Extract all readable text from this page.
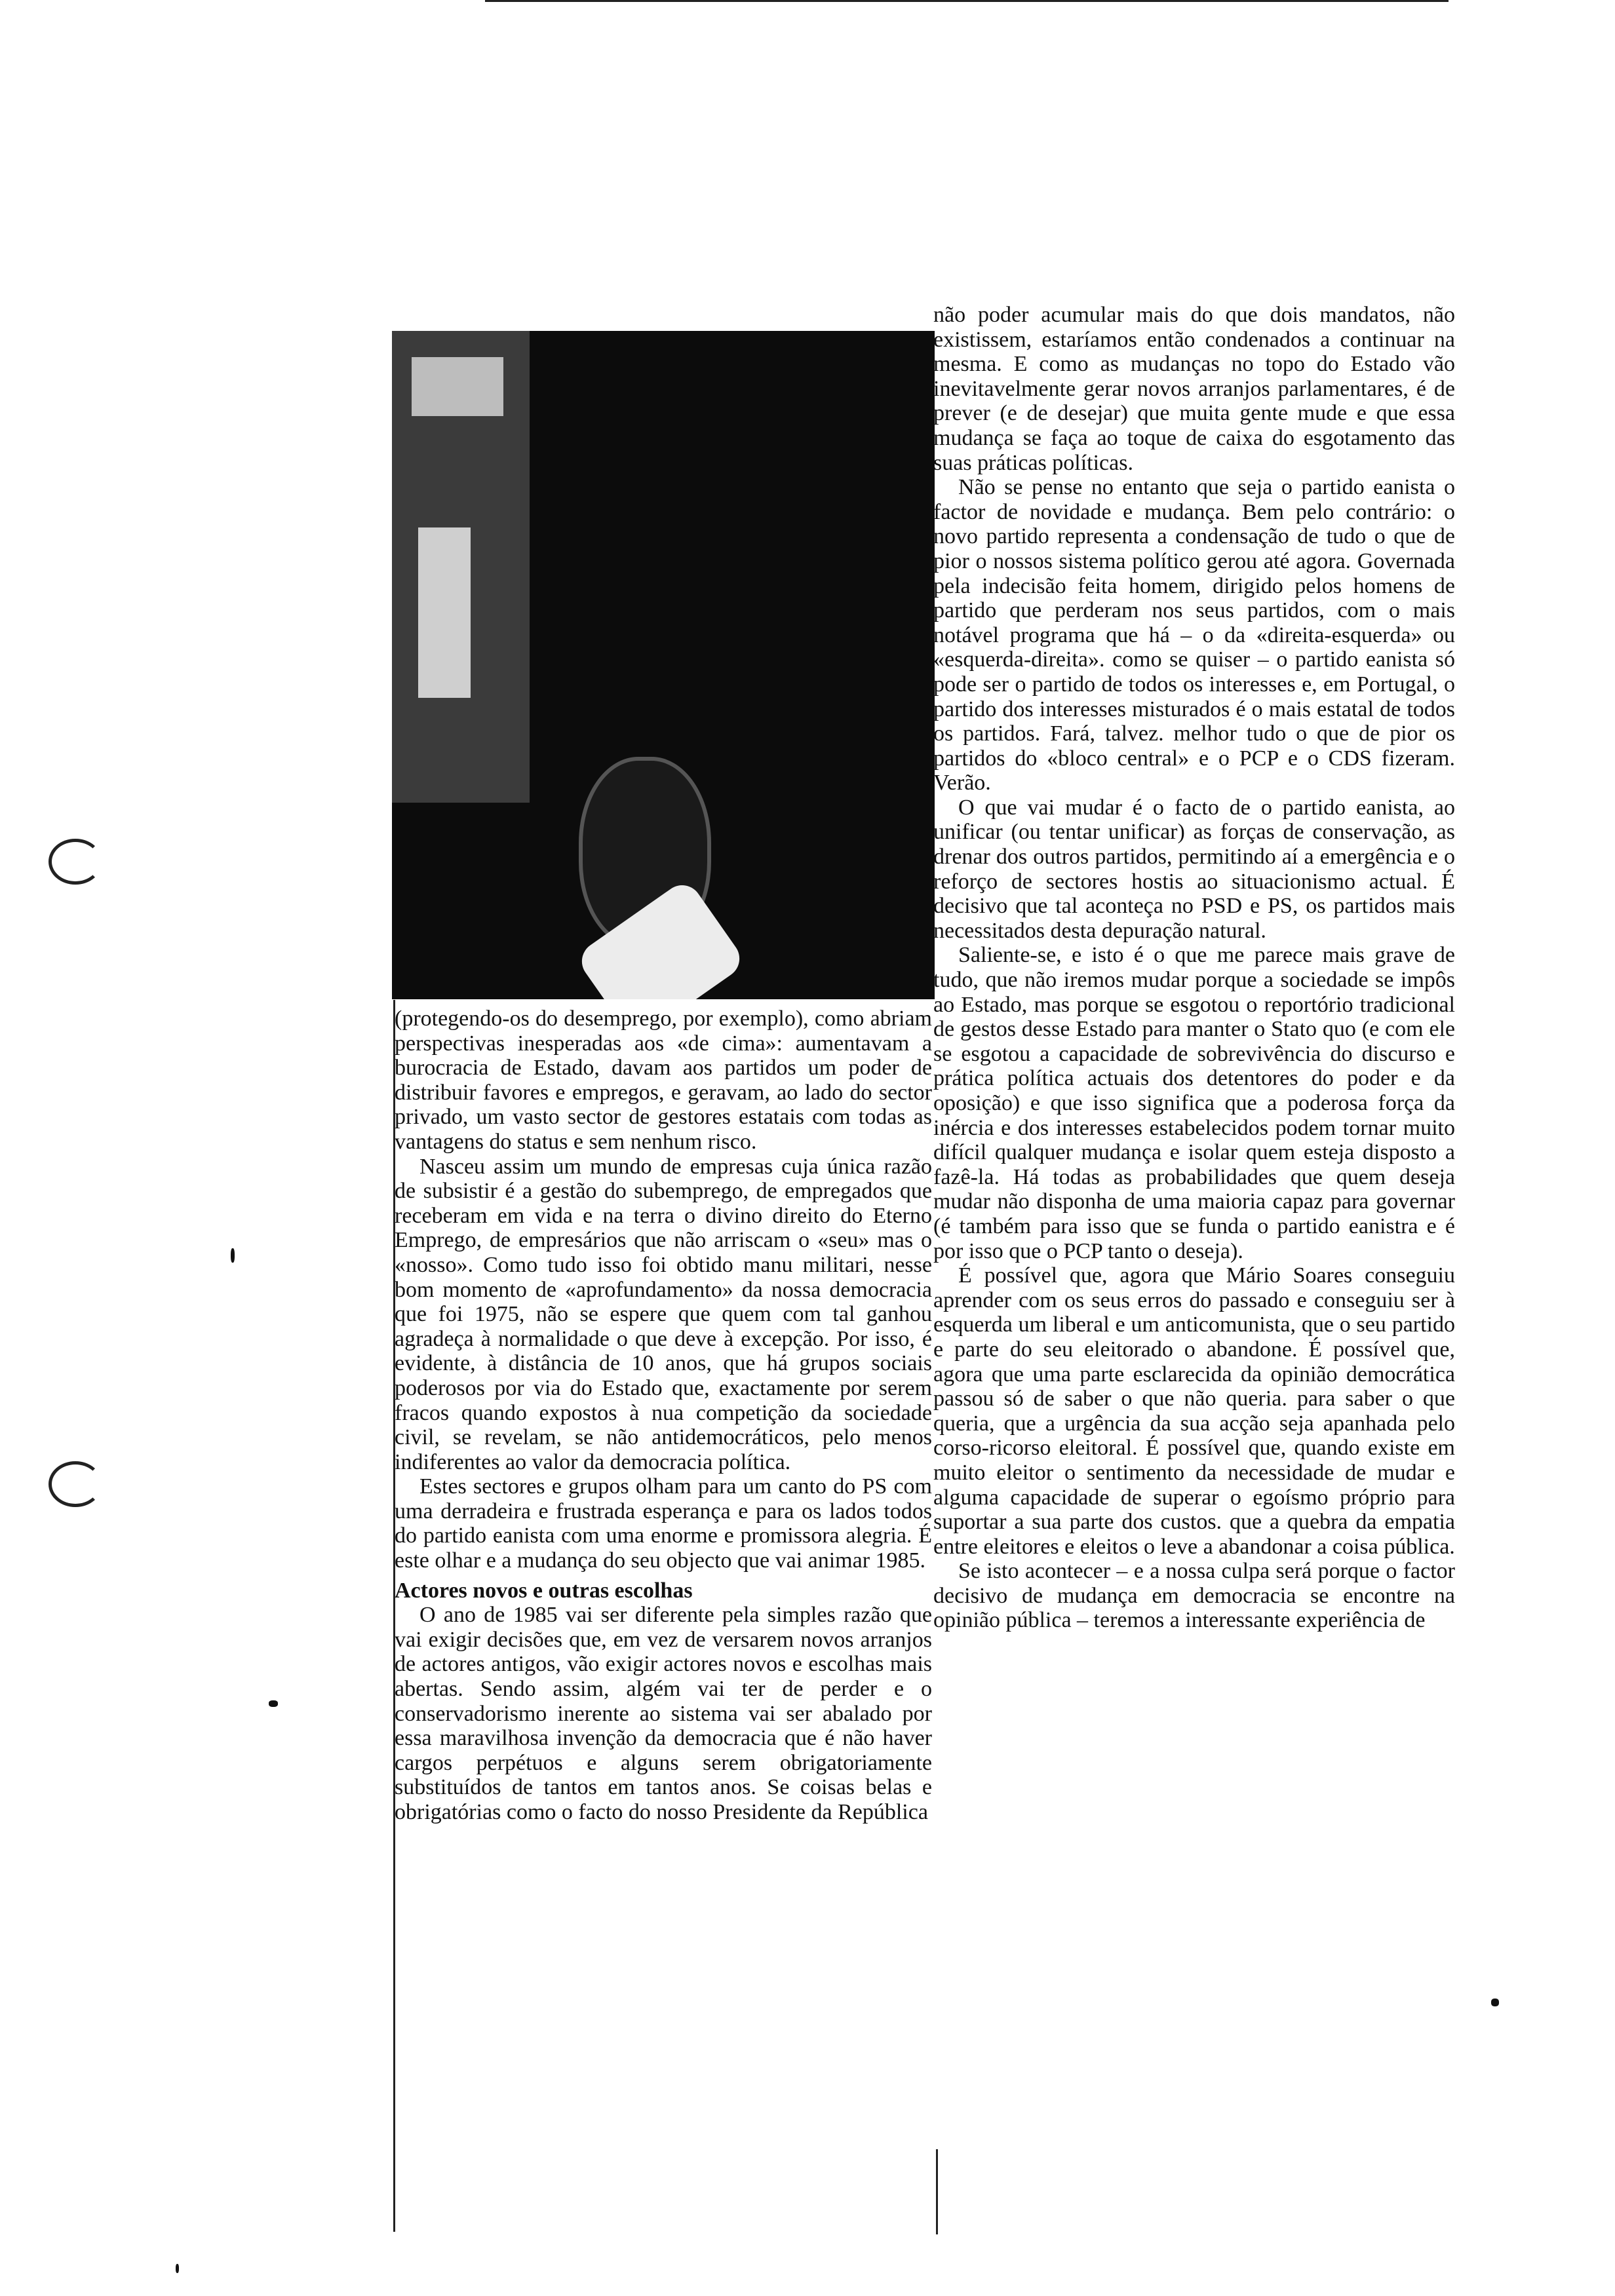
não poder acumular mais do que dois mandatos, não existissem, estaríamos então condenados a continuar na mesma. E como as mudanças no topo do Estado vão inevitavelmente gerar novos arranjos parlamentares, é de prever (e de desejar) que muita gente mude e que essa mudança se faça ao toque de caixa do esgotamento das suas práticas políticas.

Não se pense no entanto que seja o partido eanista o factor de novidade e mudança. Bem pelo contrário: o novo partido representa a condensação de tudo o que de pior o nossos sistema político gerou até agora. Governada pela indecisão feita homem, dirigido pelos homens de partido que perderam nos seus partidos, com o mais notável programa que há – o da «direita-esquerda» ou «esquerda-direita». como se quiser – o partido eanista só pode ser o partido de todos os interesses e, em Portugal, o partido dos interesses misturados é o mais estatal de todos os partidos. Fará, talvez. melhor tudo o que de pior os partidos do «bloco central» e o PCP e o CDS fizeram. Verão.

O que vai mudar é o facto de o partido eanista, ao unificar (ou tentar unificar) as forças de conservação, as drenar dos outros partidos, permitindo aí a emergência e o reforço de sectores hostis ao situacionismo actual. É decisivo que tal aconteça no PSD e PS, os partidos mais necessitados desta depuração natural.

Saliente-se, e isto é o que me parece mais grave de tudo, que não iremos mudar porque a sociedade se impôs ao Estado, mas porque se esgotou o reportório tradicional de gestos desse Estado para manter o Stato quo (e com ele se esgotou a capacidade de sobrevivência do discurso e prática política actuais dos detentores do poder e da oposição) e que isso significa que a poderosa força da inércia e dos interesses estabelecidos podem tornar muito difícil qualquer mudança e isolar quem esteja disposto a fazê-la. Há todas as probabilidades que quem deseja mudar não disponha de uma maioria capaz para governar (é também para isso que se funda o partido eanistra e é por isso que o PCP tanto o deseja).

É possível que, agora que Mário Soares conseguiu aprender com os seus erros do passado e conseguiu ser à esquerda um liberal e um anticomunista, que o seu partido e parte do seu eleitorado o abandone. É possível que, agora que uma parte esclarecida da opinião democrática passou só de saber o que não queria. para saber o que queria, que a urgência da sua acção seja apanhada pelo corso-ricorso eleitoral. É possível que, quando existe em muito eleitor o sentimento da necessidade de mudar e alguma capacidade de superar o egoísmo próprio para suportar a sua parte dos custos. que a quebra da empatia entre eleitores e eleitos o leve a abandonar a coisa pública.

Se isto acontecer – e a nossa culpa será porque o factor decisivo de mudança em democracia se encontre na opinião pública – teremos a interessante experiência de

(protegendo-os do desemprego, por exemplo), como abriam perspectivas inesperadas aos «de cima»: aumentavam a burocracia de Estado, davam aos partidos um poder de distribuir favores e empregos, e geravam, ao lado do sector privado, um vasto sector de gestores estatais com todas as vantagens do status e sem nenhum risco.

Nasceu assim um mundo de empresas cuja única razão de subsistir é a gestão do subemprego, de empregados que receberam em vida e na terra o divino direito do Eterno Emprego, de empresários que não arriscam o «seu» mas o «nosso». Como tudo isso foi obtido manu militari, nesse bom momento de «aprofundamento» da nossa democracia que foi 1975, não se espere que quem com tal ganhou agradeça à normalidade o que deve à excepção. Por isso, é evidente, à distância de 10 anos, que há grupos sociais poderosos por via do Estado que, exactamente por serem fracos quando expostos à nua competição da sociedade civil, se revelam, se não antidemocráticos, pelo menos indiferentes ao valor da democracia política.

Estes sectores e grupos olham para um canto do PS com uma derradeira e frustrada esperança e para os lados todos do partido eanista com uma enorme e promissora alegria. É este olhar e a mudança do seu objecto que vai animar 1985.

Actores novos e outras escolhas

O ano de 1985 vai ser diferente pela simples razão que vai exigir decisões que, em vez de versarem novos arranjos de actores antigos, vão exigir actores novos e escolhas mais abertas. Sendo assim, algém vai ter de perder e o conservadorismo inerente ao sistema vai ser abalado por essa maravilhosa invenção da democracia que é não haver cargos perpétuos e alguns serem obrigatoriamente substituídos de tantos em tantos anos. Se coisas belas e obrigatórias como o facto do nosso Presidente da República
